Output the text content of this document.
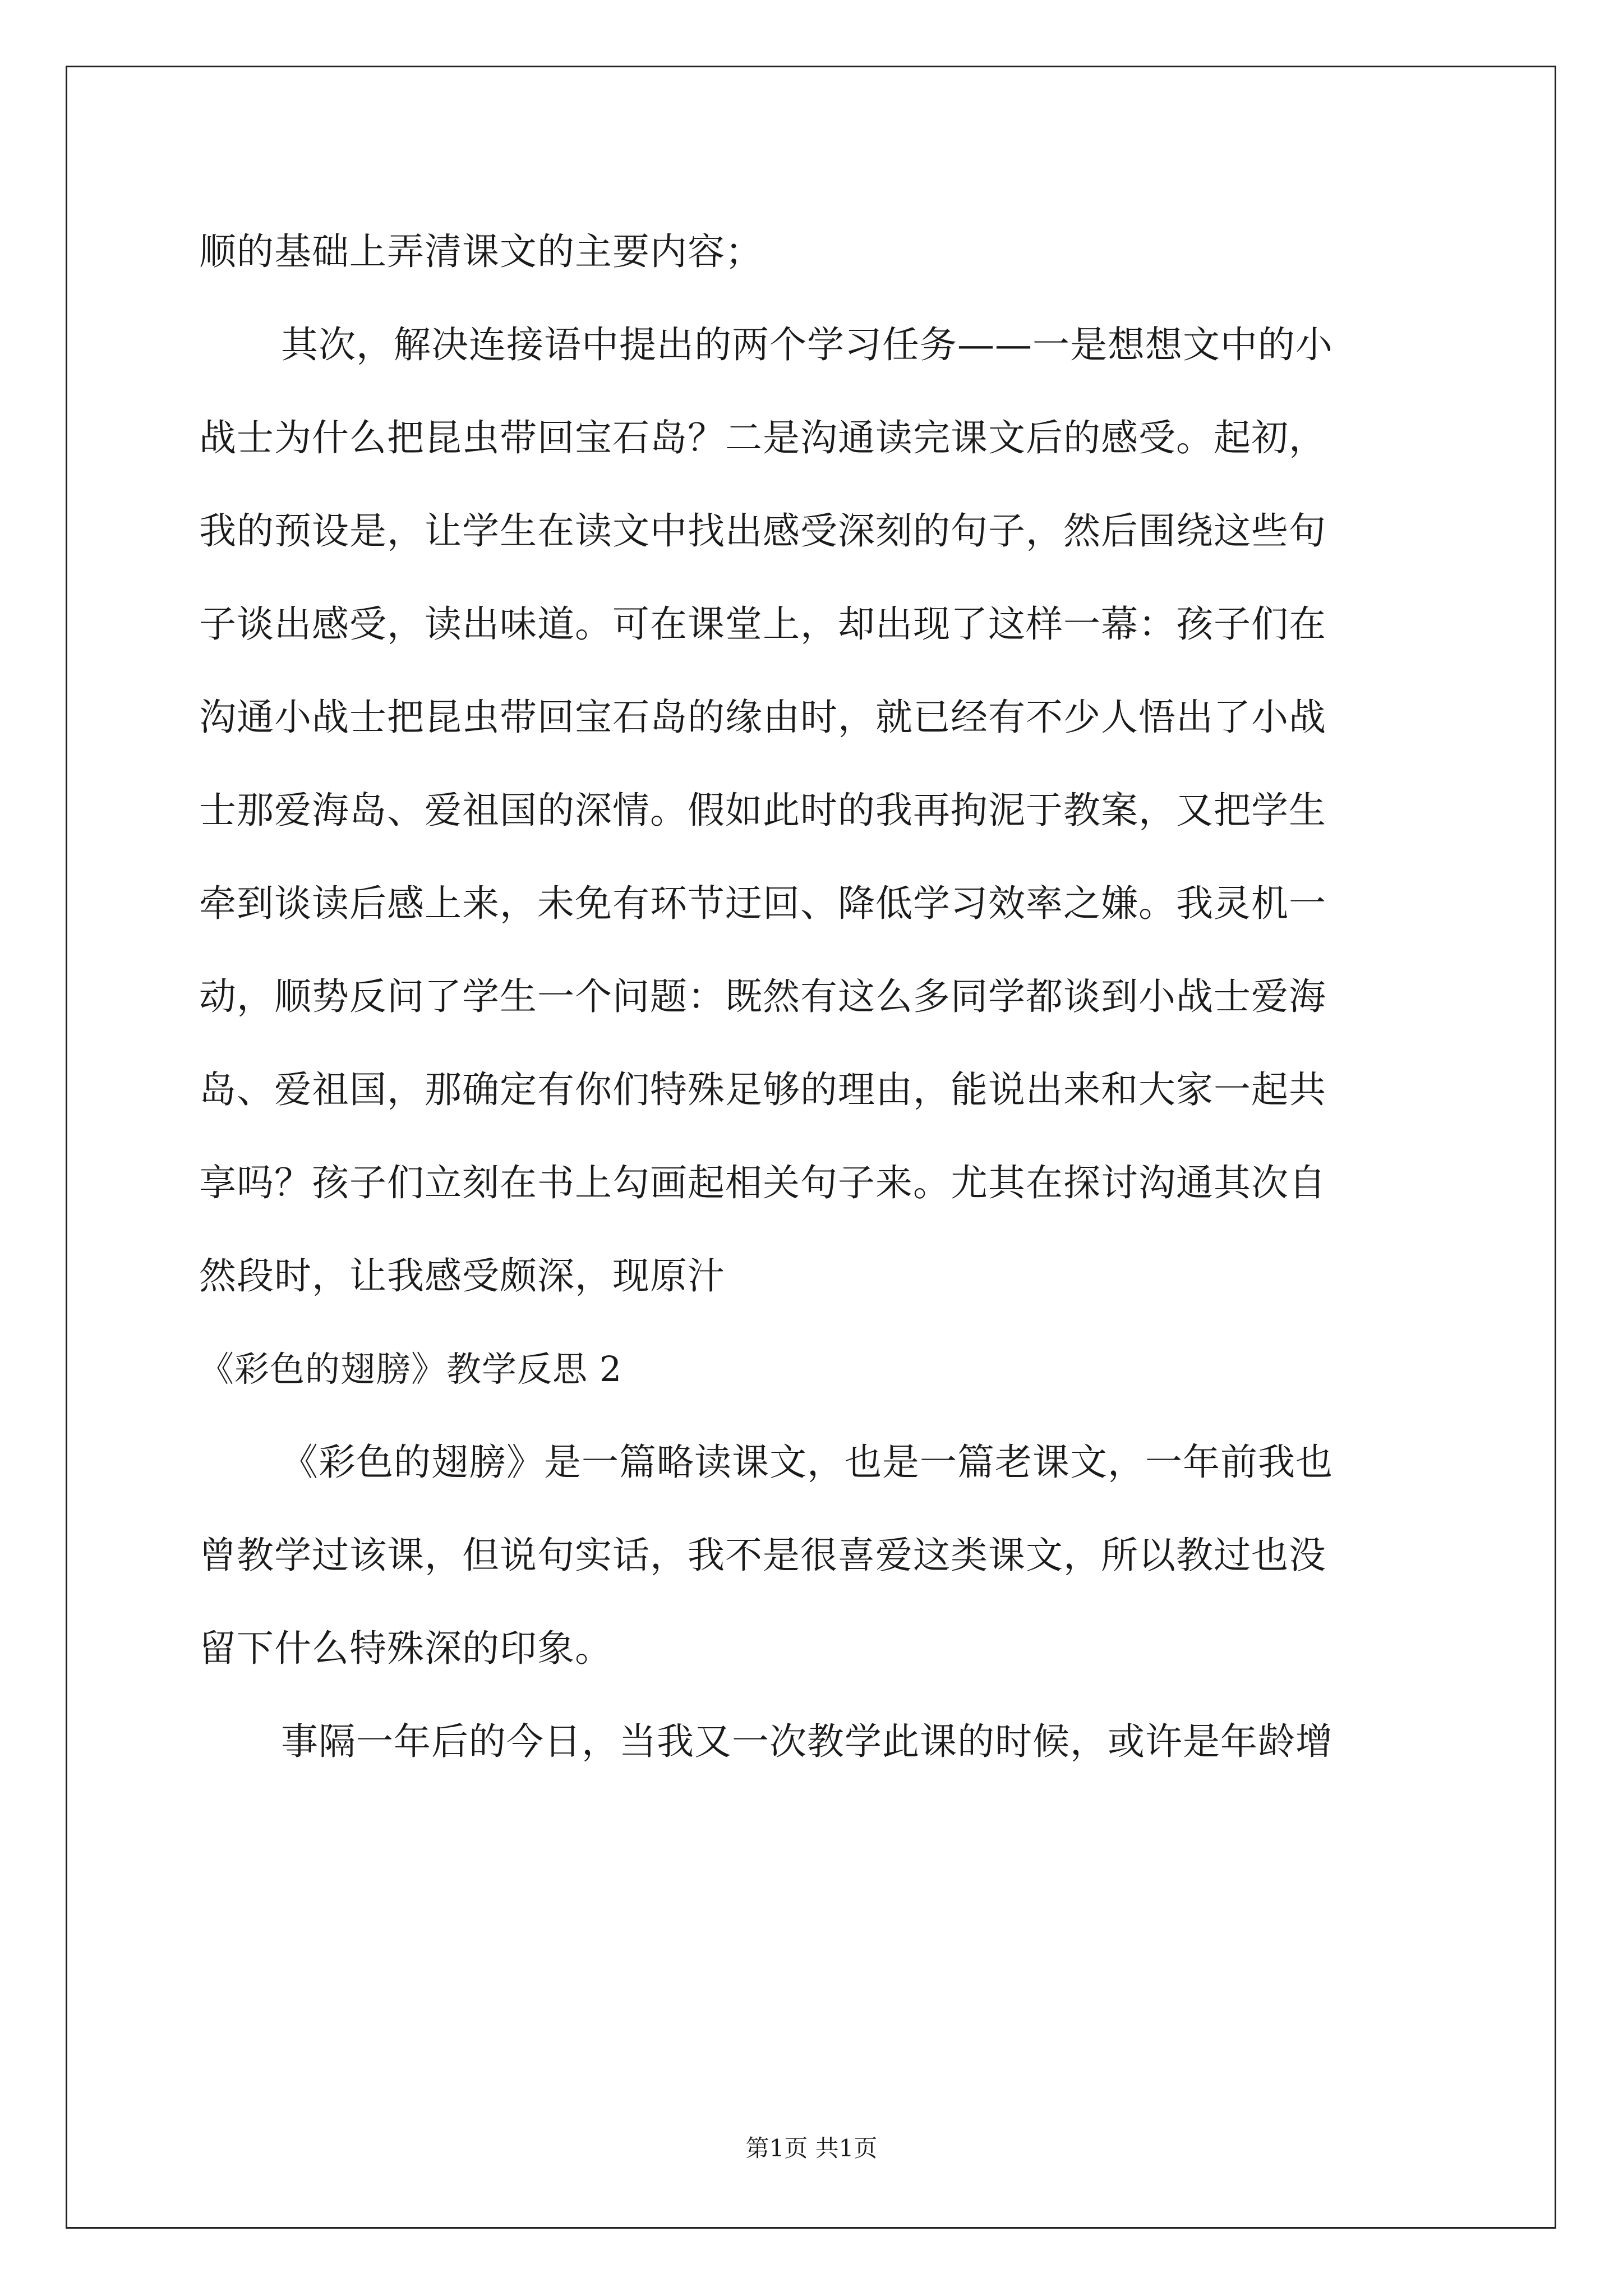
顺的基础上弄清课文的主要内容；
其次，解决连接语中提出的两个学习任务——一是想想文中的小
战士为什么把昆虫带回宝石岛？二是沟通读完课文后的感受。起初，
我的预设是，让学生在读文中找出感受深刻的句子，然后围绕这些句
子谈出感受，读出味道。可在课堂上，却出现了这样一幕：孩子们在
沟通小战士把昆虫带回宝石岛的缘由时，就已经有不少人悟出了小战
士那爱海岛、爱祖国的深情。假如此时的我再拘泥于教案，又把学生
牵到谈读后感上来，未免有环节迂回、降低学习效率之嫌。我灵机一
动，顺势反问了学生一个问题：既然有这么多同学都谈到小战士爱海
岛、爱祖国，那确定有你们特殊足够的理由，能说出来和大家一起共
享吗？孩子们立刻在书上勾画起相关句子来。尤其在探讨沟通其次自
然段时，让我感受颇深，现原汁
《彩色的翅膀》教学反思 2
《彩色的翅膀》是一篇略读课文，也是一篇老课文，一年前我也
曾教学过该课，但说句实话，我不是很喜爱这类课文，所以教过也没
留下什么特殊深的印象。
事隔一年后的今日，当我又一次教学此课的时候，或许是年龄增
第1页 共1页
